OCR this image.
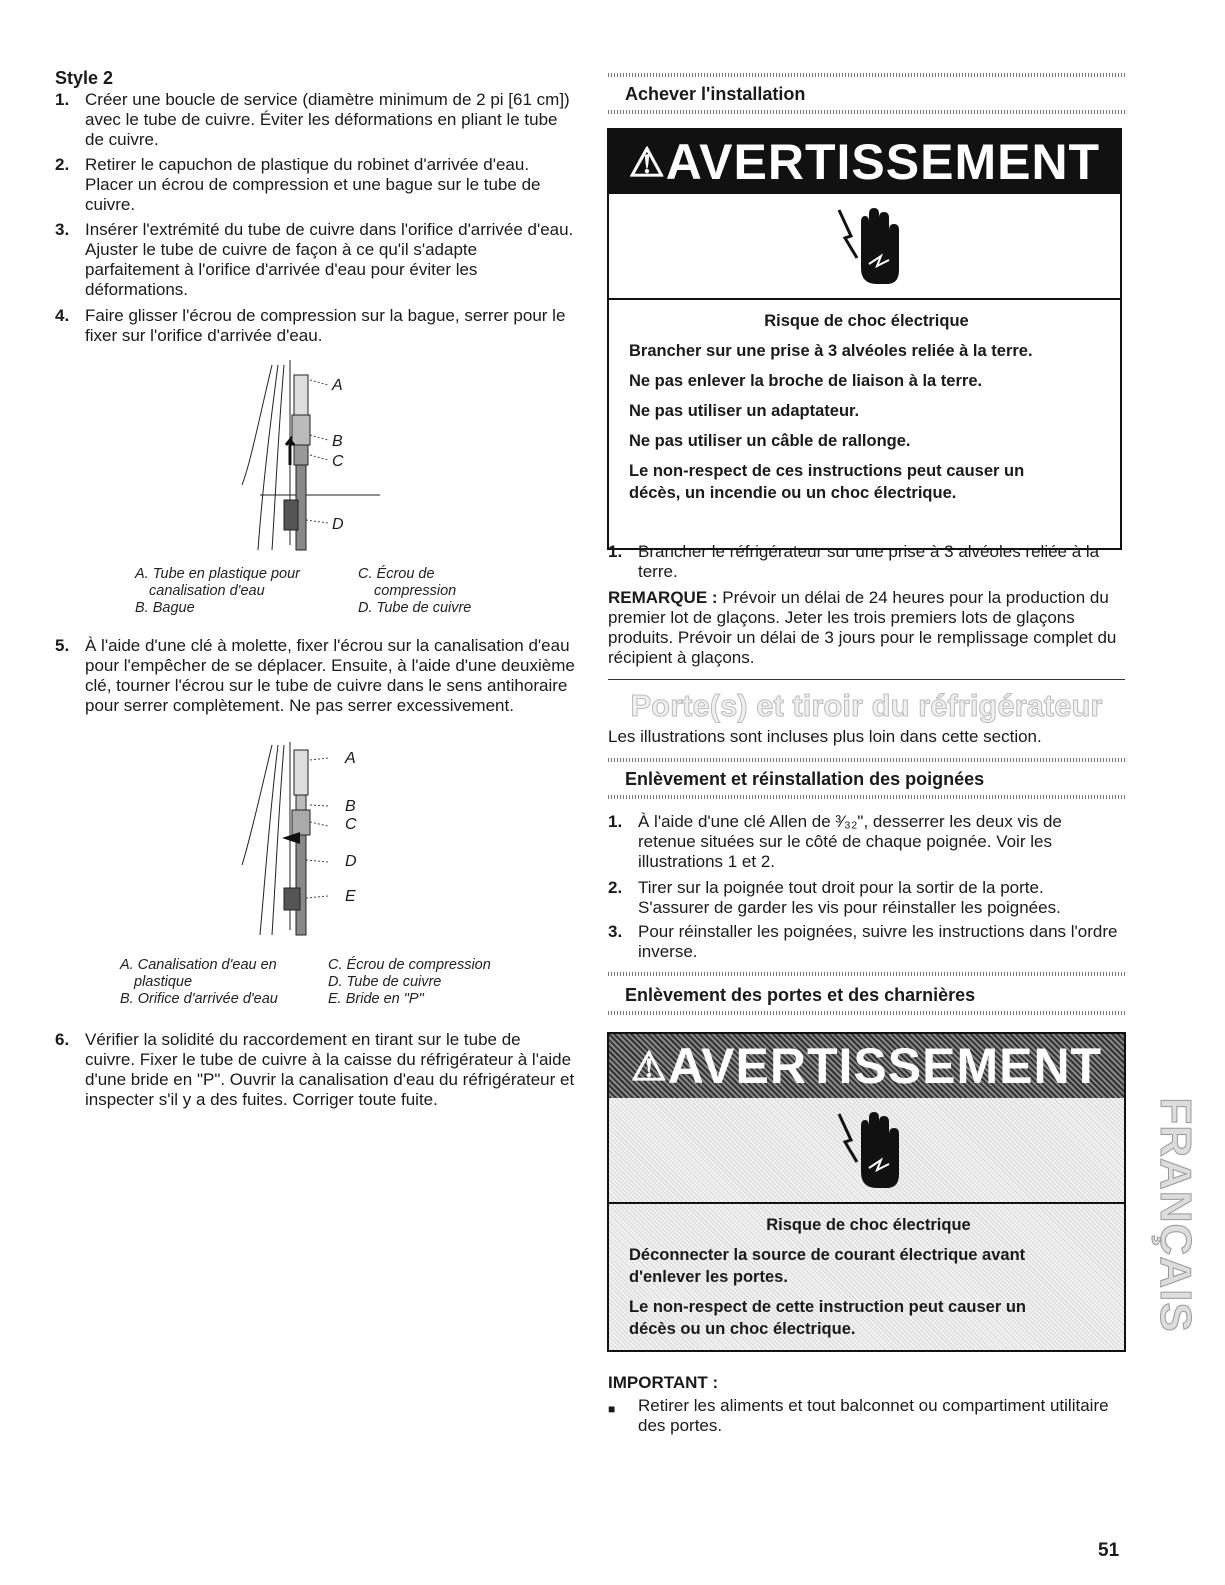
Style 2
1. Créer une boucle de service (diamètre minimum de 2 pi [61 cm]) avec le tube de cuivre. Éviter les déformations en pliant le tube de cuivre.
2. Retirer le capuchon de plastique du robinet d'arrivée d'eau. Placer un écrou de compression et une bague sur le tube de cuivre.
3. Insérer l'extrémité du tube de cuivre dans l'orifice d'arrivée d'eau. Ajuster le tube de cuivre de façon à ce qu'il s'adapte parfaitement à l'orifice d'arrivée d'eau pour éviter les déformations.
4. Faire glisser l'écrou de compression sur la bague, serrer pour le fixer sur l'orifice d'arrivée d'eau.
A
B
C
D
A. Tube en plastique pour
canalisation d'eau
B. Bague
C. Écrou de
compression
D. Tube de cuivre
5. À l'aide d'une clé à molette, fixer l'écrou sur la canalisation d'eau pour l'empêcher de se déplacer. Ensuite, à l'aide d'une deuxième clé, tourner l'écrou sur le tube de cuivre dans le sens antihoraire pour serrer complètement. Ne pas serrer excessivement.
A
B
C
D
E
A. Canalisation d'eau en
plastique
B. Orifice d'arrivée d'eau
C. Écrou de compression
D. Tube de cuivre
E. Bride en "P"
6. Vérifier la solidité du raccordement en tirant sur le tube de cuivre. Fixer le tube de cuivre à la caisse du réfrigérateur à l'aide d'une bride en "P". Ouvrir la canalisation d'eau du réfrigérateur et inspecter s'il y a des fuites. Corriger toute fuite.
Achever l'installation
⚠AVERTISSEMENT

Risque de choc électrique

Brancher sur une prise à 3 alvéoles reliée à la terre.

Ne pas enlever la broche de liaison à la terre.

Ne pas utiliser un adaptateur.

Ne pas utiliser un câble de rallonge.

Le non-respect de ces instructions peut causer un décès, un incendie ou un choc électrique.

1. Brancher le réfrigérateur sur une prise à 3 alvéoles reliée à la terre.
REMARQUE : Prévoir un délai de 24 heures pour la production du premier lot de glaçons. Jeter les trois premiers lots de glaçons produits. Prévoir un délai de 3 jours pour le remplissage complet du récipient à glaçons.
Porte(s) et tiroir du réfrigérateur
Les illustrations sont incluses plus loin dans cette section.
Enlèvement et réinstallation des poignées
1. À l'aide d'une clé Allen de ³⁄₃₂", desserrer les deux vis de retenue situées sur le côté de chaque poignée. Voir les illustrations 1 et 2.
2. Tirer sur la poignée tout droit pour la sortir de la porte. S'assurer de garder les vis pour réinstaller les poignées.
3. Pour réinstaller les poignées, suivre les instructions dans l'ordre inverse.
Enlèvement des portes et des charnières
⚠AVERTISSEMENT

Risque de choc électrique

Déconnecter la source de courant électrique avant d'enlever les portes.

Le non-respect de cette instruction peut causer un décès ou un choc électrique.

IMPORTANT :
■ Retirer les aliments et tout balconnet ou compartiment utilitaire des portes.
FRANÇAIS
51
